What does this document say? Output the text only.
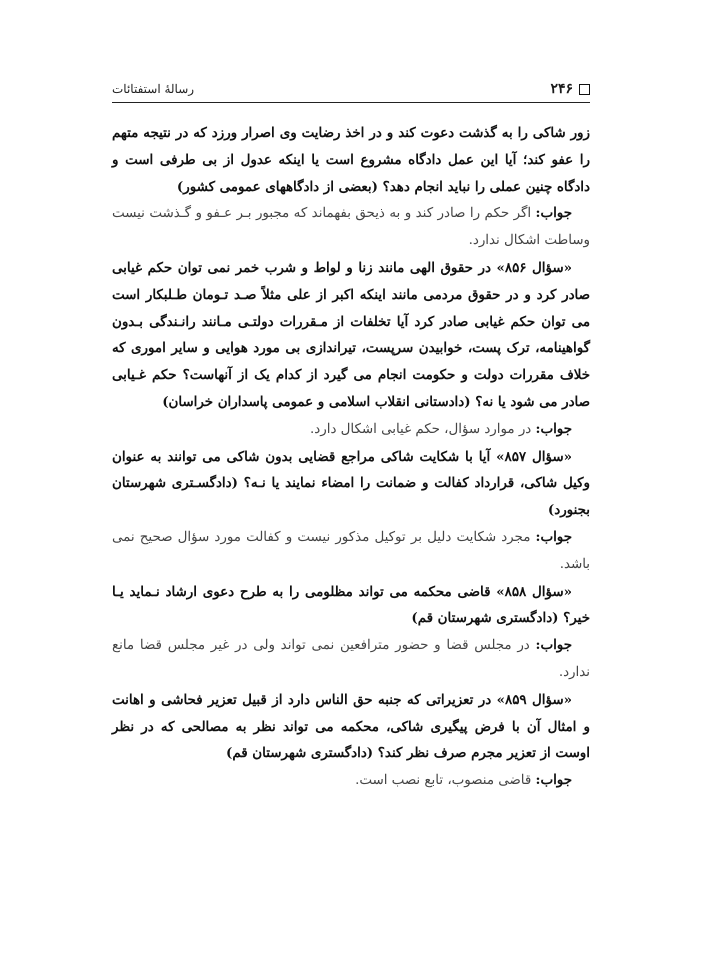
۲۴۶
رسالهٔ استفتائات

زور شاکی را به گذشت دعوت کند و در اخذ رضایت وی اصرار ورزد که در نتیجه متهم را عفو کند؛ آیا این عمل دادگاه مشروع است یا اینکه عدول از بی طرفی است و دادگاه چنین عملی را نباید انجام دهد؟ (بعضی از دادگاههای عمومی کشور)

جواب: اگر حکم را صادر کند و به ذیحق بفهماند که مجبور بـر عـفو و گـذشت نیست وساطت اشکال ندارد.

«سؤال ۸۵۶» در حقوق الهی مانند زنا و لواط و شرب خمر نمی توان حکم غیابی صادر کرد و در حقوق مردمی مانند اینکه اکبر از علی مثلاً صـد تـومان طـلبکار است می توان حکم غیابی صادر کرد آیا تخلفات از مـقررات دولتـی مـانند رانـندگی بـدون گواهینامه، ترک پست، خوابیدن سرپست، تیراندازی بی مورد هوایی و سایر اموری که خلاف مقررات دولت و حکومت انجام می گیرد از کدام یک از آنهاست؟ حکم غـیابی صادر می شود یا نه؟ (دادستانی انقلاب اسلامی و عمومی پاسداران خراسان)

جواب: در موارد سؤال، حکم غیابی اشکال دارد.

«سؤال ۸۵۷» آیا با شکایت شاکی مراجع قضایی بدون شاکی می توانند به عنوان وکیل شاکی، قرارداد کفالت و ضمانت را امضاء نمایند یا نـه؟ (دادگسـتری شهرستان بجنورد)

جواب: مجرد شکایت دلیل بر توکیل مذکور نیست و کفالت مورد سؤال صحیح نمی باشد.

«سؤال ۸۵۸» قاضی محکمه می تواند مظلومی را به طرح دعوی ارشاد نـماید یـا خیر؟ (دادگستری شهرستان قم)

جواب: در مجلس قضا و حضور مترافعین نمی تواند ولی در غیر مجلس قضا مانع ندارد.

«سؤال ۸۵۹» در تعزیراتی که جنبه حق الناس دارد از قبیل تعزیر فحاشی و اهانت و امثال آن با فرض پیگیری شاکی، محکمه می تواند نظر به مصالحی که در نظر اوست از تعزیر مجرم صرف نظر کند؟ (دادگستری شهرستان قم)

جواب: قاضی منصوب، تابع نصب است.
